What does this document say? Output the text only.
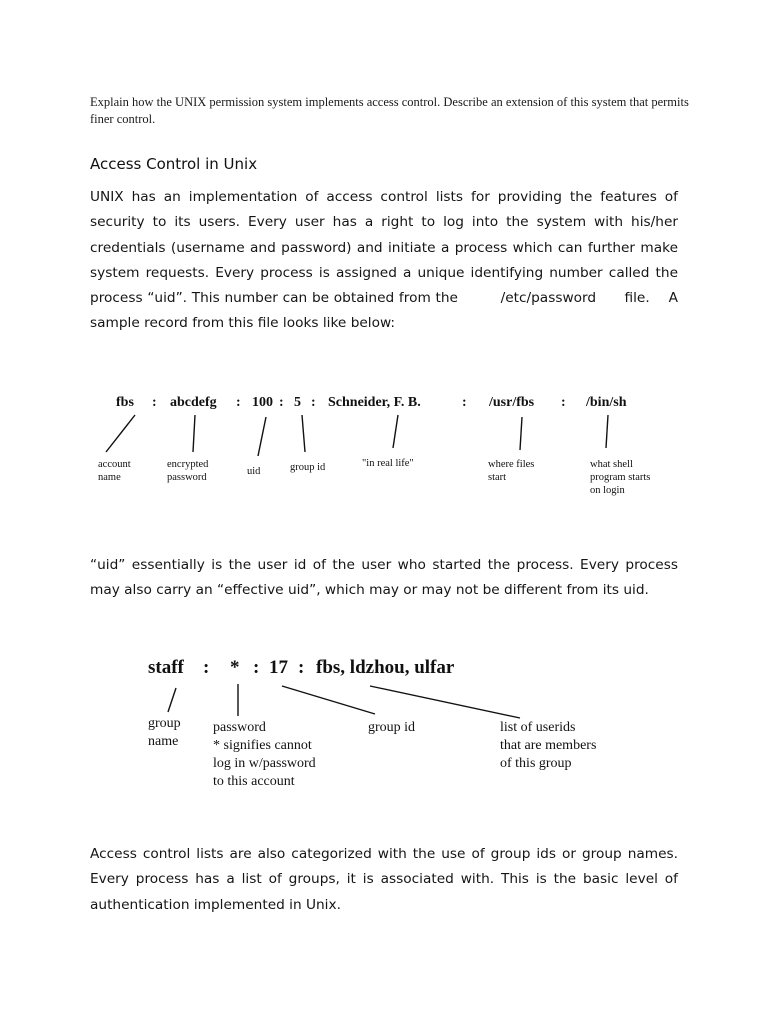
Explain how the UNIX permission system implements access control. Describe an extension of this system that permits finer control.

Access Control in Unix

UNIX has an implementation of access control lists for providing the features of security to its users. Every user has a right to log into the system with his/her credentials (username and password) and initiate a process which can further make system requests. Every process is assigned a unique identifying number called the process “uid”. This number can be obtained from the         /etc/password      file.    A sample record from this file looks like below:

fbs : abcdefg : 100 : 5 : Schneider, F. B.	: /usr/fbs : /bin/sh
account name
encrypted password
uid	group id	"in real life"	where files start
what shell program starts on login

“uid” essentially is the user id of the user who started the process. Every process may also carry an “effective uid”, which may or may not be different from its uid.

staff : * : 17 : fbs, ldzhou, ulfar
group name
password * signifies cannot log in w/password to this account
group id	list of userids that are members of this group

Access control lists are also categorized with the use of group ids or group names. Every process has a list of groups, it is associated with. This is the basic level of authentication implemented in Unix.
